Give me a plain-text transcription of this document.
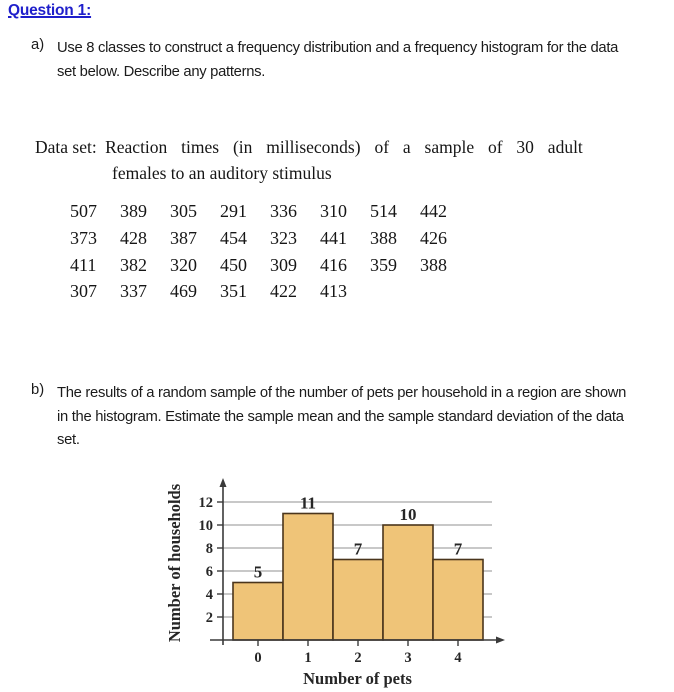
Question 1:
a) Use 8 classes to construct a frequency distribution and a frequency histogram for the data
set below. Describe any patterns.
Data set: Reaction times (in milliseconds) of a sample of 30 adult
females to an auditory stimulus
507 389 305 291 336 310 514 442
373 428 387 454 323 441 388 426
411 382 320 450 309 416 359 388
307 337 469 351 422 413
b) The results of a random sample of the number of pets per household in a region are shown
in the histogram. Estimate the sample mean and the sample standard deviation of the data
set.
2
4
6
8
10
12
0	1	2	3	4
5
11
7
10
7
Number of pets
Number of households
